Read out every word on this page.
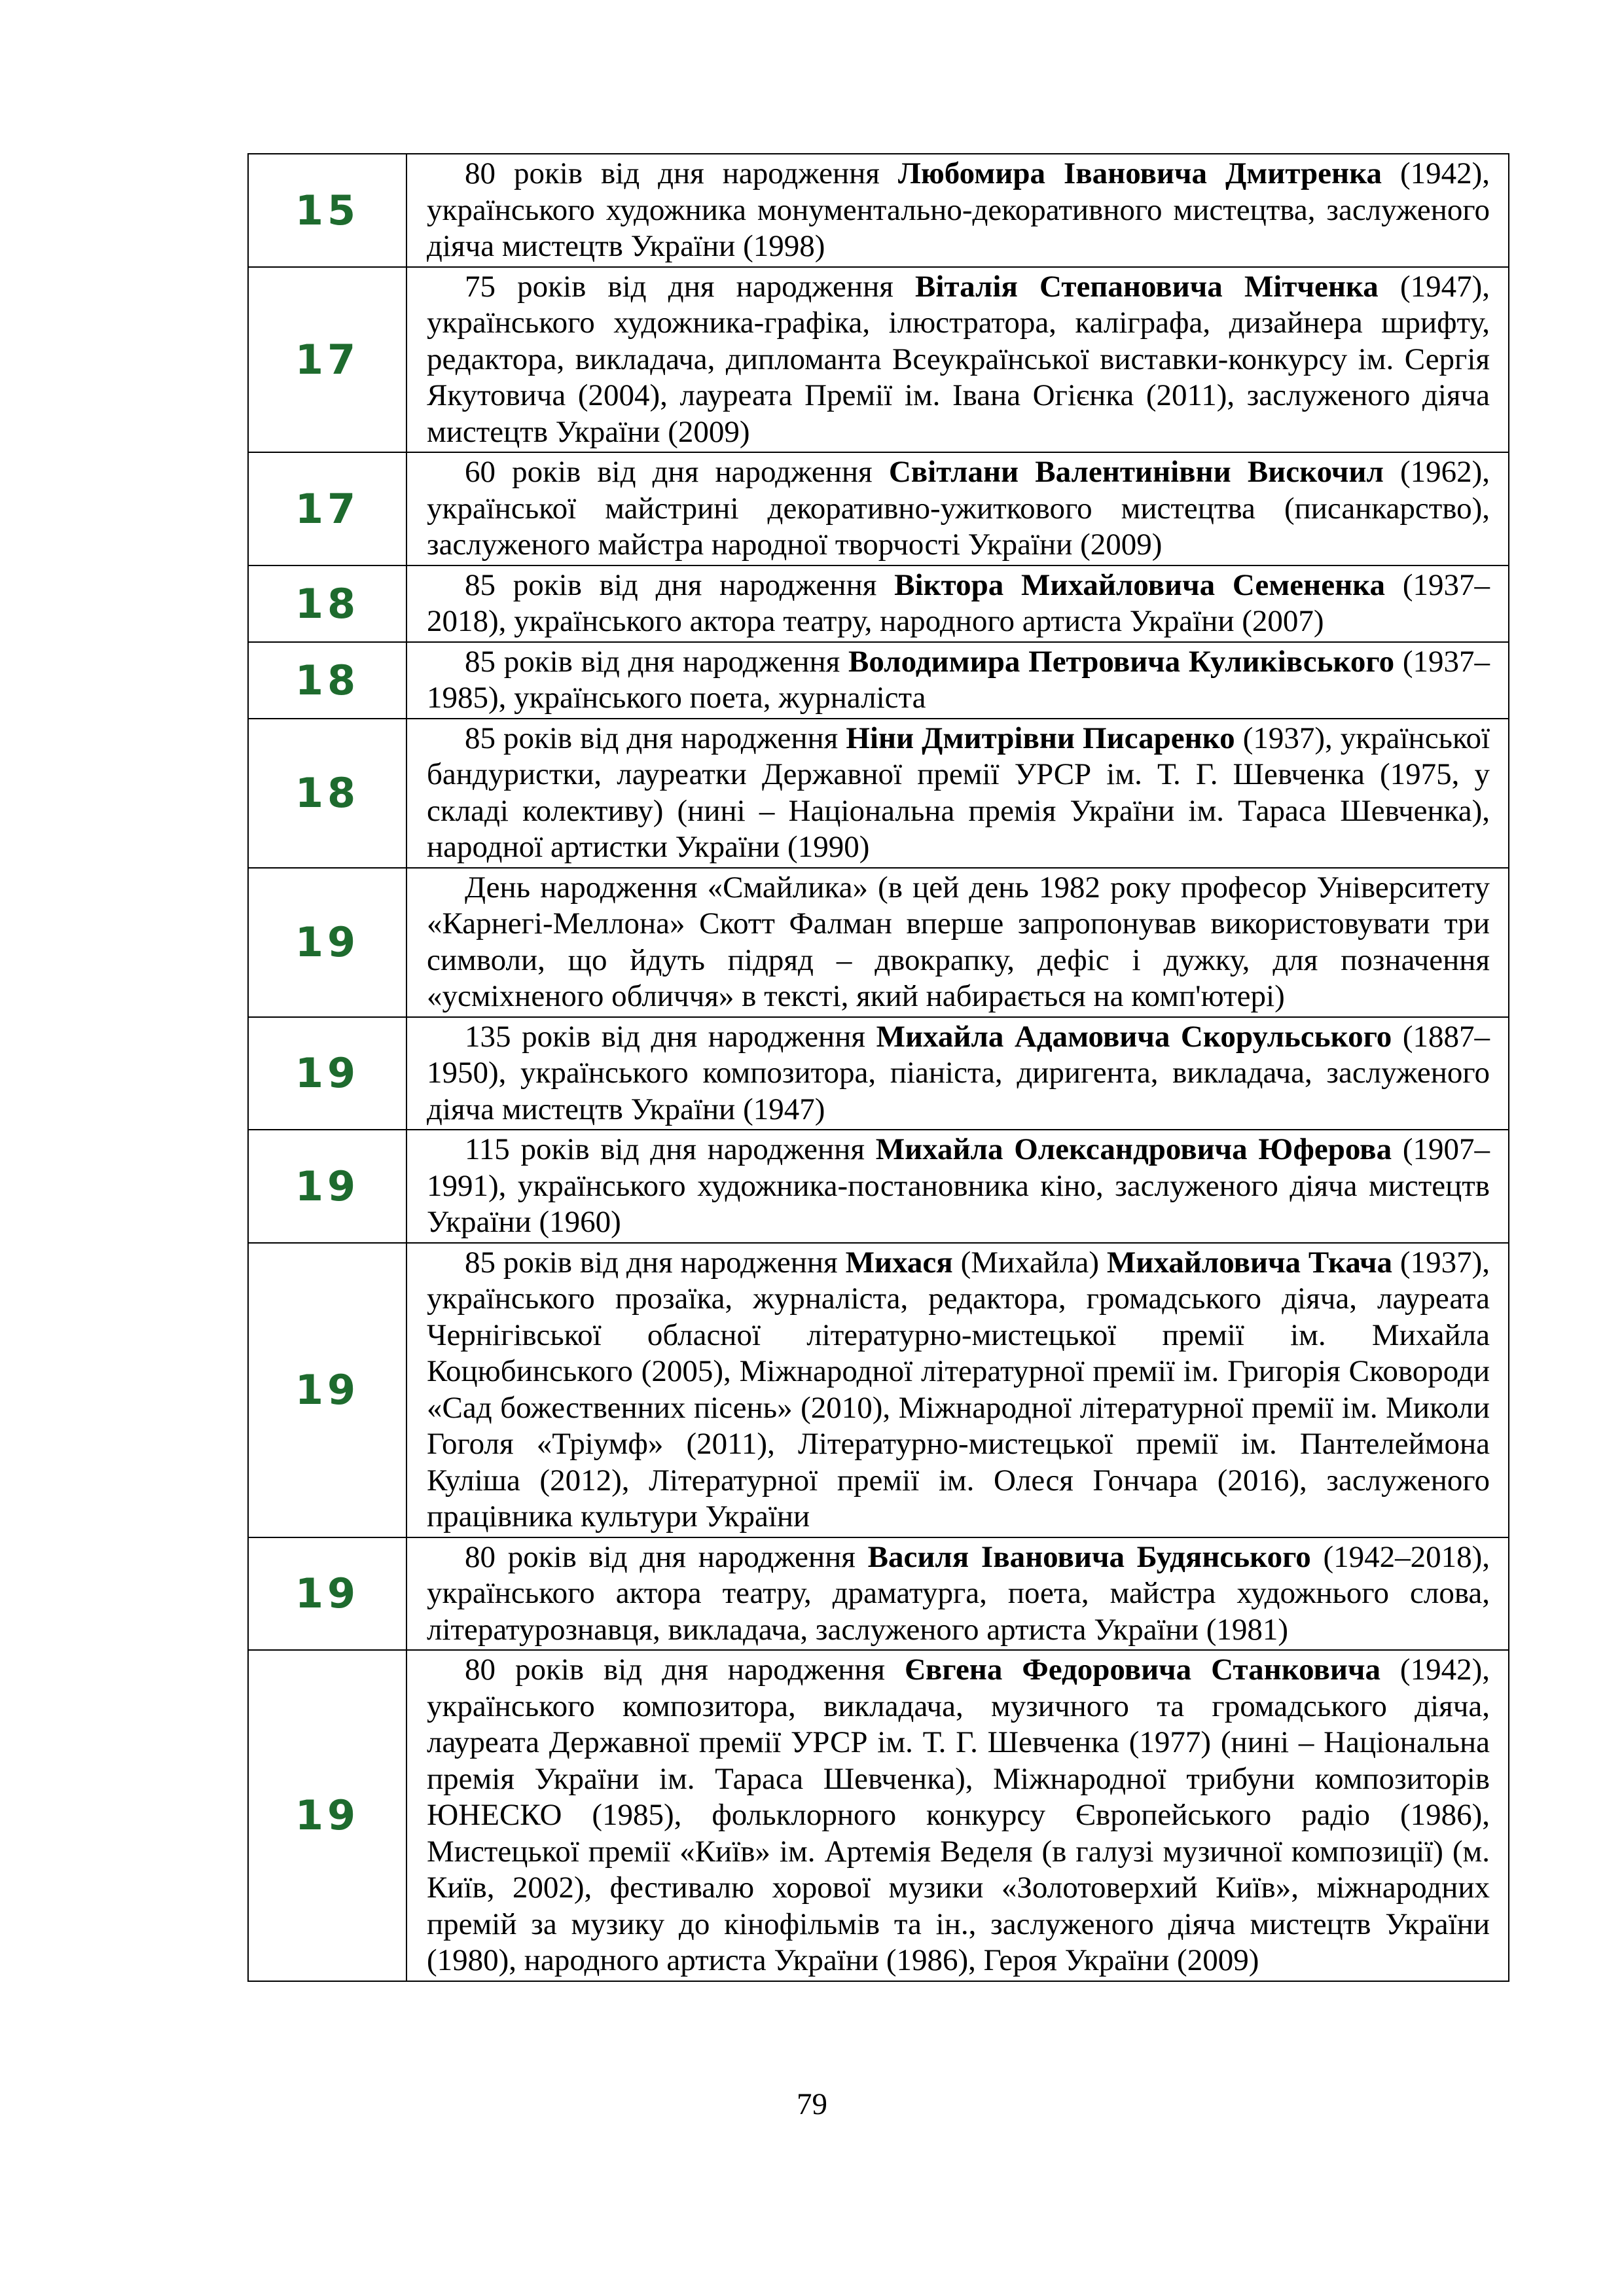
15	80 років від дня народження Любомира Івановича Дмитренка (1942), українського художника монументально-декоративного мистецтва, заслуженого діяча мистецтв України (1998)

17	75 років від дня народження Віталія Степановича Мітченка (1947), українського художника-графіка, ілюстратора, каліграфа, дизайнера шрифту, редактора, викладача, дипломанта Всеукраїнської виставки-конкурсу ім. Сергія Якутовича (2004), лауреата Премії ім. Івана Огієнка (2011), заслуженого діяча мистецтв України (2009)

17	60 років від дня народження Світлани Валентинівни Вискочил (1962), української майстрині декоративно-ужиткового мистецтва (писанкарство), заслуженого майстра народної творчості України (2009)

18	85 років від дня народження Віктора Михайловича Семененка (1937–2018), українського актора театру, народного артиста України (2007)

18	85 років від дня народження Володимира Петровича Куликівського (1937–1985), українського поета, журналіста

18	85 років від дня народження Ніни Дмитрівни Писаренко (1937), української бандуристки, лауреатки Державної премії УРСР ім. Т. Г. Шевченка (1975, у складі колективу) (нині – Національна премія України ім. Тараса Шевченка), народної артистки України (1990)

19	День народження «Смайлика» (в цей день 1982 року професор Університету «Карнегі-Меллона» Скотт Фалман вперше запропонував використовувати три символи, що йдуть підряд – двокрапку, дефіс і дужку, для позначення «усміхненого обличчя» в тексті, який набирається на комп'ютері)

19	135 років від дня народження Михайла Адамовича Скорульського (1887–1950), українського композитора, піаніста, диригента, викладача, заслуженого діяча мистецтв України (1947)

19	115 років від дня народження Михайла Олександровича Юферова (1907–1991), українського художника-постановника кіно, заслуженого діяча мистецтв України (1960)

19	85 років від дня народження Михася (Михайла) Михайловича Ткача (1937), українського прозаїка, журналіста, редактора, громадського діяча, лауреата Чернігівської обласної літературно-мистецької премії ім. Михайла Коцюбинського (2005), Міжнародної літературної премії ім. Григорія Сковороди «Сад божественних пісень» (2010), Міжнародної літературної премії ім. Миколи Гоголя «Тріумф» (2011), Літературно-мистецької премії ім. Пантелеймона Куліша (2012), Літературної премії ім. Олеся Гончара (2016), заслуженого працівника культури України

19	80 років від дня народження Василя Івановича Будянського (1942–2018), українського актора театру, драматурга, поета, майстра художнього слова, літературознавця, викладача, заслуженого артиста України (1981)

19	80 років від дня народження Євгена Федоровича Станковича (1942), українського композитора, викладача, музичного та громадського діяча, лауреата Державної премії УРСР ім. Т. Г. Шевченка (1977) (нині – Національна премія України ім. Тараса Шевченка), Міжнародної трибуни композиторів ЮНЕСКО (1985), фольклорного конкурсу Європейського радіо (1986), Мистецької премії «Київ» ім. Артемія Веделя (в галузі музичної композиції) (м. Київ, 2002), фестивалю хорової музики «Золотоверхий Київ», міжнародних премій за музику до кінофільмів та ін., заслуженого діяча мистецтв України (1980), народного артиста України (1986), Героя України (2009)

79
